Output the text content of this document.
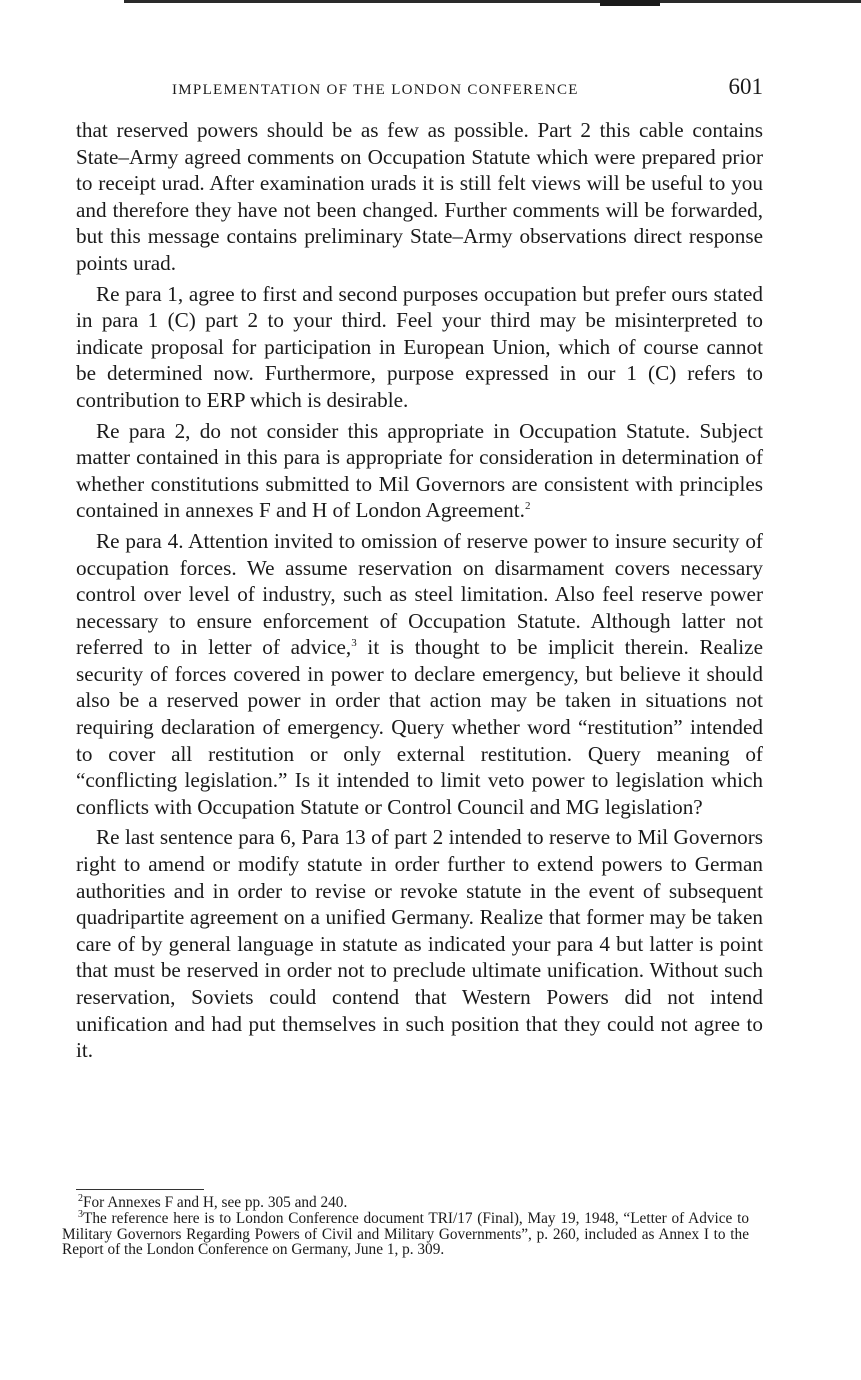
IMPLEMENTATION OF THE LONDON CONFERENCE	601

that reserved powers should be as few as possible. Part 2 this cable contains State–Army agreed comments on Occupation Statute which were prepared prior to receipt urad. After examination urads it is still felt views will be useful to you and therefore they have not been changed. Further comments will be forwarded, but this message contains preliminary State–Army observations direct response points urad.

Re para 1, agree to first and second purposes occupation but prefer ours stated in para 1 (C) part 2 to your third. Feel your third may be misinterpreted to indicate proposal for participation in European Union, which of course cannot be determined now. Furthermore, purpose expressed in our 1 (C) refers to contribution to ERP which is desirable.

Re para 2, do not consider this appropriate in Occupation Statute. Subject matter contained in this para is appropriate for consideration in determination of whether constitutions submitted to Mil Governors are consistent with principles contained in annexes F and H of London Agreement.$^2$

Re para 4. Attention invited to omission of reserve power to insure security of occupation forces. We assume reservation on disarmament covers necessary control over level of industry, such as steel limitation. Also feel reserve power necessary to ensure enforcement of Occupation Statute. Although latter not referred to in letter of advice,$^3$ it is thought to be implicit therein. Realize security of forces covered in power to declare emergency, but believe it should also be a reserved power in order that action may be taken in situations not requiring declaration of emergency. Query whether word “restitution” intended to cover all restitution or only external restitution. Query meaning of “conflicting legislation.” Is it intended to limit veto power to legislation which conflicts with Occupation Statute or Control Council and MG legislation?

Re last sentence para 6, Para 13 of part 2 intended to reserve to Mil Governors right to amend or modify statute in order further to extend powers to German authorities and in order to revise or revoke statute in the event of subsequent quadripartite agreement on a unified Germany. Realize that former may be taken care of by general language in statute as indicated your para 4 but latter is point that must be reserved in order not to preclude ultimate unification. Without such reservation, Soviets could contend that Western Powers did not intend unification and had put themselves in such position that they could not agree to it.

$^2$For Annexes F and H, see pp. 305 and 240.

$^3$The reference here is to London Conference document TRI/17 (Final), May 19, 1948, “Letter of Advice to Military Governors Regarding Powers of Civil and Military Governments”, p. 260, included as Annex I to the Report of the London Conference on Germany, June 1, p. 309.
